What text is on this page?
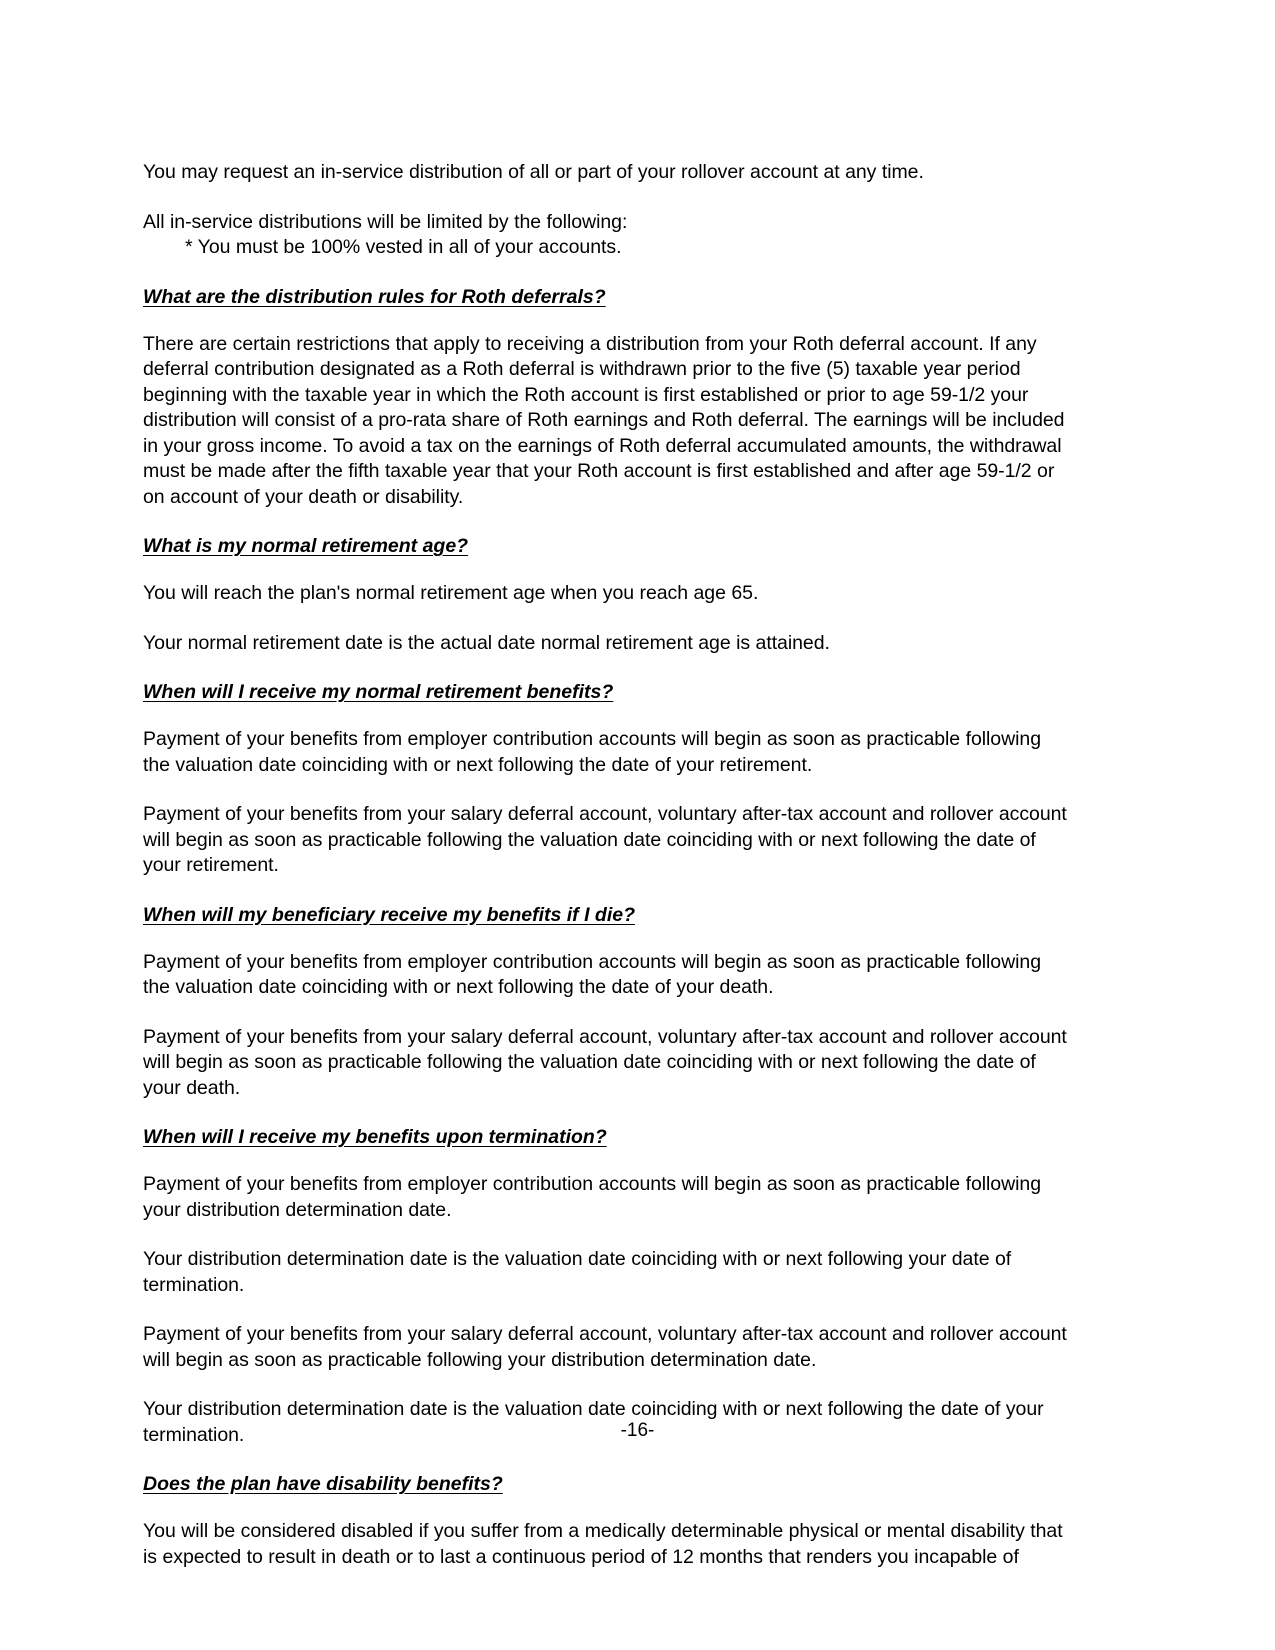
You may request an in-service distribution of all or part of your rollover account at any time.

All in-service distributions will be limited by the following:
* You must be 100% vested in all of your accounts.

What are the distribution rules for Roth deferrals?

There are certain restrictions that apply to receiving a distribution from your Roth deferral account. If any deferral contribution designated as a Roth deferral is withdrawn prior to the five (5) taxable year period beginning with the taxable year in which the Roth account is first established or prior to age 59-1/2 your distribution will consist of a pro-rata share of Roth earnings and Roth deferral. The earnings will be included in your gross income. To avoid a tax on the earnings of Roth deferral accumulated amounts, the withdrawal must be made after the fifth taxable year that your Roth account is first established and after age 59-1/2 or on account of your death or disability.

What is my normal retirement age?

You will reach the plan's normal retirement age when you reach age 65.

Your normal retirement date is the actual date normal retirement age is attained.

When will I receive my normal retirement benefits?

Payment of your benefits from employer contribution accounts will begin as soon as practicable following the valuation date coinciding with or next following the date of your retirement.

Payment of your benefits from your salary deferral account, voluntary after-tax account and rollover account will begin as soon as practicable following the valuation date coinciding with or next following the date of your retirement.

When will my beneficiary receive my benefits if I die?

Payment of your benefits from employer contribution accounts will begin as soon as practicable following the valuation date coinciding with or next following the date of your death.

Payment of your benefits from your salary deferral account, voluntary after-tax account and rollover account will begin as soon as practicable following the valuation date coinciding with or next following the date of your death.

When will I receive my benefits upon termination?

Payment of your benefits from employer contribution accounts will begin as soon as practicable following your distribution determination date.

Your distribution determination date is the valuation date coinciding with or next following your date of termination.

Payment of your benefits from your salary deferral account, voluntary after-tax account and rollover account will begin as soon as practicable following your distribution determination date.

Your distribution determination date is the valuation date coinciding with or next following the date of your termination.

Does the plan have disability benefits?

You will be considered disabled if you suffer from a medically determinable physical or mental disability that is expected to result in death or to last a continuous period of 12 months that renders you incapable of

-16-
